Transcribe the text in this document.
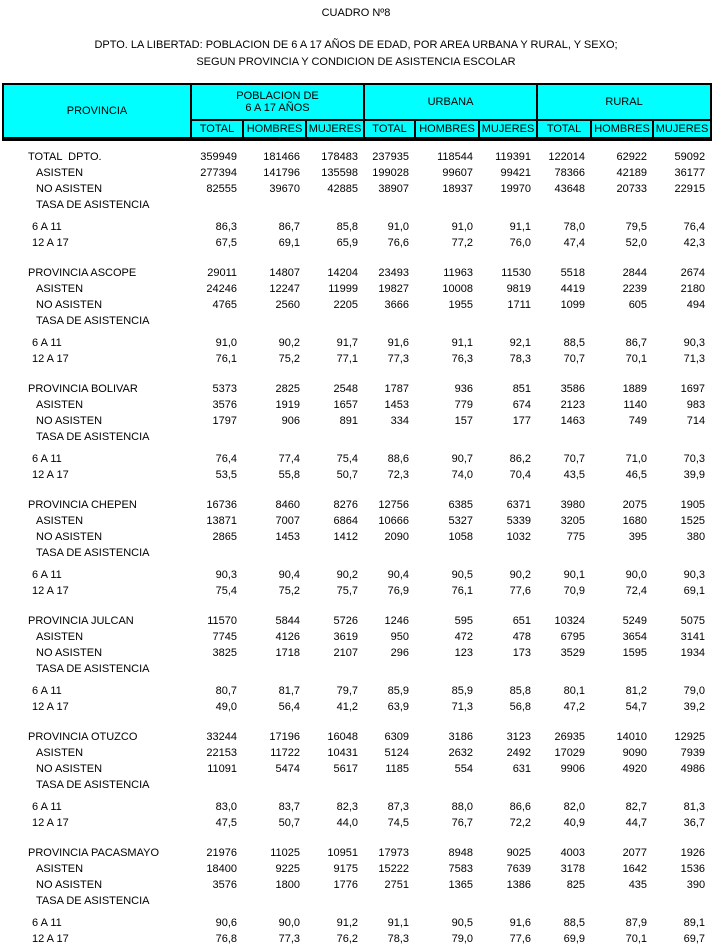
CUADRO Nº8
DPTO. LA LIBERTAD: POBLACION DE 6 A 17 AÑOS DE EDAD, POR AREA URBANA Y RURAL, Y SEXO;
SEGUN PROVINCIA Y CONDICION DE ASISTENCIA ESCOLAR
PROVINCIA	POBLACION DE
6 A 17 AÑOS			URBANA			RURAL		
	TOTAL	HOMBRES	MUJERES	TOTAL	HOMBRES	MUJERES	TOTAL	HOMBRES	MUJERES

TOTAL  DPTO.	359949	181466	178483	237935	118544	119391	122014	62922	59092
ASISTEN	277394	141796	135598	199028	99607	99421	78366	42189	36177
NO ASISTEN	82555	39670	42885	38907	18937	19970	43648	20733	22915
TASA DE ASISTENCIA									

6 A 11	86,3	86,7	85,8	91,0	91,0	91,1	78,0	79,5	76,4
12 A 17	67,5	69,1	65,9	76,6	77,2	76,0	47,4	52,0	42,3

PROVINCIA ASCOPE	29011	14807	14204	23493	11963	11530	5518	2844	2674
ASISTEN	24246	12247	11999	19827	10008	9819	4419	2239	2180
NO ASISTEN	4765	2560	2205	3666	1955	1711	1099	605	494
TASA DE ASISTENCIA									

6 A 11	91,0	90,2	91,7	91,6	91,1	92,1	88,5	86,7	90,3
12 A 17	76,1	75,2	77,1	77,3	76,3	78,3	70,7	70,1	71,3

PROVINCIA BOLIVAR	5373	2825	2548	1787	936	851	3586	1889	1697
ASISTEN	3576	1919	1657	1453	779	674	2123	1140	983
NO ASISTEN	1797	906	891	334	157	177	1463	749	714
TASA DE ASISTENCIA									

6 A 11	76,4	77,4	75,4	88,6	90,7	86,2	70,7	71,0	70,3
12 A 17	53,5	55,8	50,7	72,3	74,0	70,4	43,5	46,5	39,9

PROVINCIA CHEPEN	16736	8460	8276	12756	6385	6371	3980	2075	1905
ASISTEN	13871	7007	6864	10666	5327	5339	3205	1680	1525
NO ASISTEN	2865	1453	1412	2090	1058	1032	775	395	380
TASA DE ASISTENCIA									

6 A 11	90,3	90,4	90,2	90,4	90,5	90,2	90,1	90,0	90,3
12 A 17	75,4	75,2	75,7	76,9	76,1	77,6	70,9	72,4	69,1

PROVINCIA JULCAN	11570	5844	5726	1246	595	651	10324	5249	5075
ASISTEN	7745	4126	3619	950	472	478	6795	3654	3141
NO ASISTEN	3825	1718	2107	296	123	173	3529	1595	1934
TASA DE ASISTENCIA									

6 A 11	80,7	81,7	79,7	85,9	85,9	85,8	80,1	81,2	79,0
12 A 17	49,0	56,4	41,2	63,9	71,3	56,8	47,2	54,7	39,2

PROVINCIA OTUZCO	33244	17196	16048	6309	3186	3123	26935	14010	12925
ASISTEN	22153	11722	10431	5124	2632	2492	17029	9090	7939
NO ASISTEN	11091	5474	5617	1185	554	631	9906	4920	4986
TASA DE ASISTENCIA									

6 A 11	83,0	83,7	82,3	87,3	88,0	86,6	82,0	82,7	81,3
12 A 17	47,5	50,7	44,0	74,5	76,7	72,2	40,9	44,7	36,7

PROVINCIA PACASMAYO	21976	11025	10951	17973	8948	9025	4003	2077	1926
ASISTEN	18400	9225	9175	15222	7583	7639	3178	1642	1536
NO ASISTEN	3576	1800	1776	2751	1365	1386	825	435	390
TASA DE ASISTENCIA									

6 A 11	90,6	90,0	91,2	91,1	90,5	91,6	88,5	87,9	89,1
12 A 17	76,8	77,3	76,2	78,3	79,0	77,6	69,9	70,1	69,7
